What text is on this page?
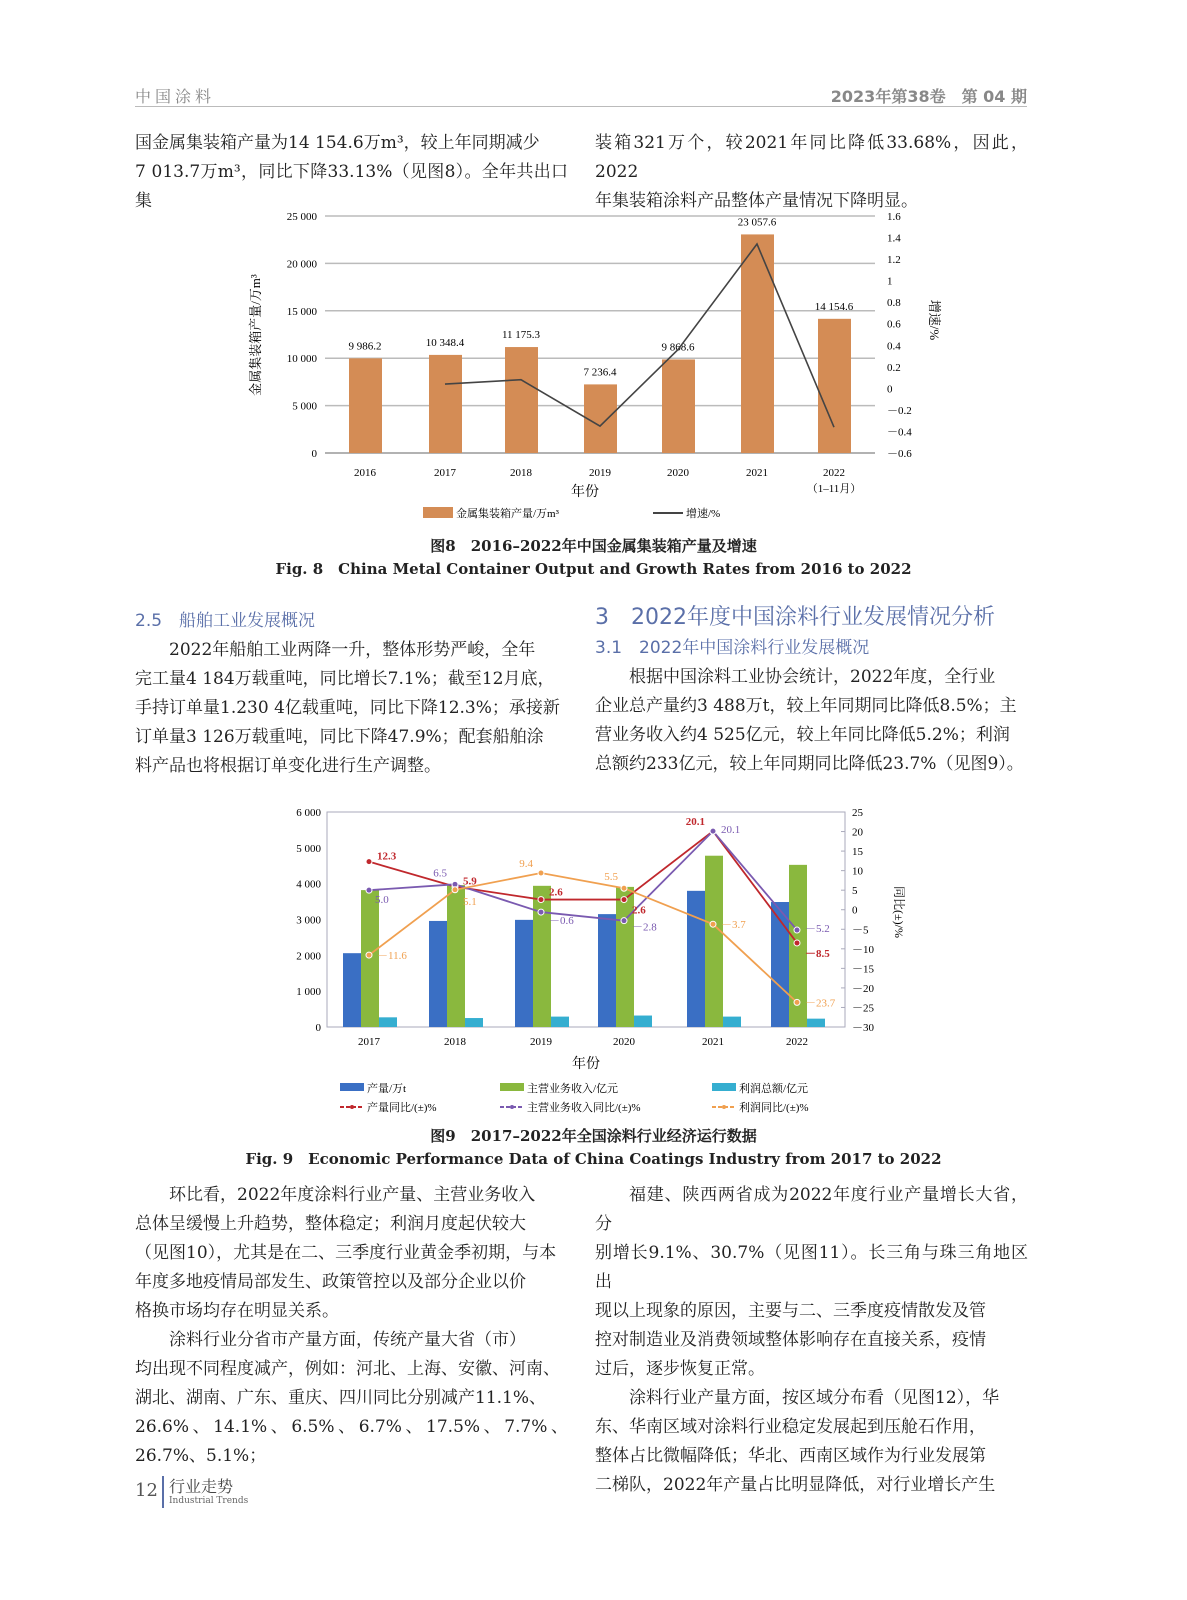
中国涂料	2023年第38卷　第 04 期

国金属集装箱产量为14 154.6万m³，较上年同期减少

7 013.7万m³，同比下降33.13%（见图8）。全年共出口集

装箱321万个，较2021年同比降低33.68%，因此，2022

年集装箱涂料产品整体产量情况下降明显。

0
5 000
10 000
15 000
20 000
25 000
－0.6
－0.4
－0.2
0
0.2
0.4
0.6
0.8
1
1.2
1.4
1.6
9 986.2	10 348.4
11 175.3
7 236.4
9 868.6
23 057.6
14 154.6
2016	2017	2018	2019	2020	2021	2022
（1–11月）
年份
金属集装箱产量/万m³	增速/%
金属集装箱产量/万m³	增速/%
图8　2016–2022年中国金属集装箱产量及增速
Fig. 8　China Metal Container Output and Growth Rates from 2016 to 2022

2.5　船舶工业发展概况

2022年船舶工业两降一升，整体形势严峻，全年

完工量4 184万载重吨，同比增长7.1%；截至12月底，

手持订单量1.230 4亿载重吨，同比下降12.3%；承接新

订单量3 126万载重吨，同比下降47.9%；配套船舶涂

料产品也将根据订单变化进行生产调整。

3　2022年度中国涂料行业发展情况分析

3.1　2022年中国涂料行业发展概况

根据中国涂料工业协会统计，2022年度，全行业

企业总产量约3 488万t，较上年同期同比降低8.5%；主

营业务收入约4 525亿元，较上年同比降低5.2%；利润

总额约233亿元，较上年同期同比降低23.7%（见图9）。

0
1 000
2 000
3 000
4 000
5 000
6 000
－30
－25
－20
－15
－10
－5
0
5
10
15
20
25
12.3
5.9
2.6
2.6
20.1
－8.5
5.0
6.5
－0.6
－2.8
20.1
－5.2
－11.6
5.1
9.4
5.5
－3.7
－23.7
2017	2018	2019	2020	2021	2022
年份
同比(±)/%
产量/万t	主营业务收入/亿元	利润总额/亿元
产量同比/(±)%	主营业务收入同比/(±)%	利润同比/(±)%
图9　2017–2022年全国涂料行业经济运行数据
Fig. 9　Economic Performance Data of China Coatings Industry from 2017 to 2022

环比看，2022年度涂料行业产量、主营业务收入

总体呈缓慢上升趋势，整体稳定；利润月度起伏较大

（见图10），尤其是在二、三季度行业黄金季初期，与本

年度多地疫情局部发生、政策管控以及部分企业以价

格换市场均存在明显关系。

涂料行业分省市产量方面，传统产量大省（市）

均出现不同程度减产，例如：河北、上海、安徽、河南、

湖北、湖南、广东、重庆、四川同比分别减产11.1%、

26.6%、14.1%、6.5%、6.7%、17.5%、7.7%、26.7%、5.1%；

福建、陕西两省成为2022年度行业产量增长大省，分

别增长9.1%、30.7%（见图11）。长三角与珠三角地区出

现以上现象的原因，主要与二、三季度疫情散发及管

控对制造业及消费领域整体影响存在直接关系，疫情

过后，逐步恢复正常。

涂料行业产量方面，按区域分布看（见图12），华

东、华南区域对涂料行业稳定发展起到压舱石作用，

整体占比微幅降低；华北、西南区域作为行业发展第

二梯队，2022年产量占比明显降低，对行业增长产生

12 行业走势
Industrial Trends
